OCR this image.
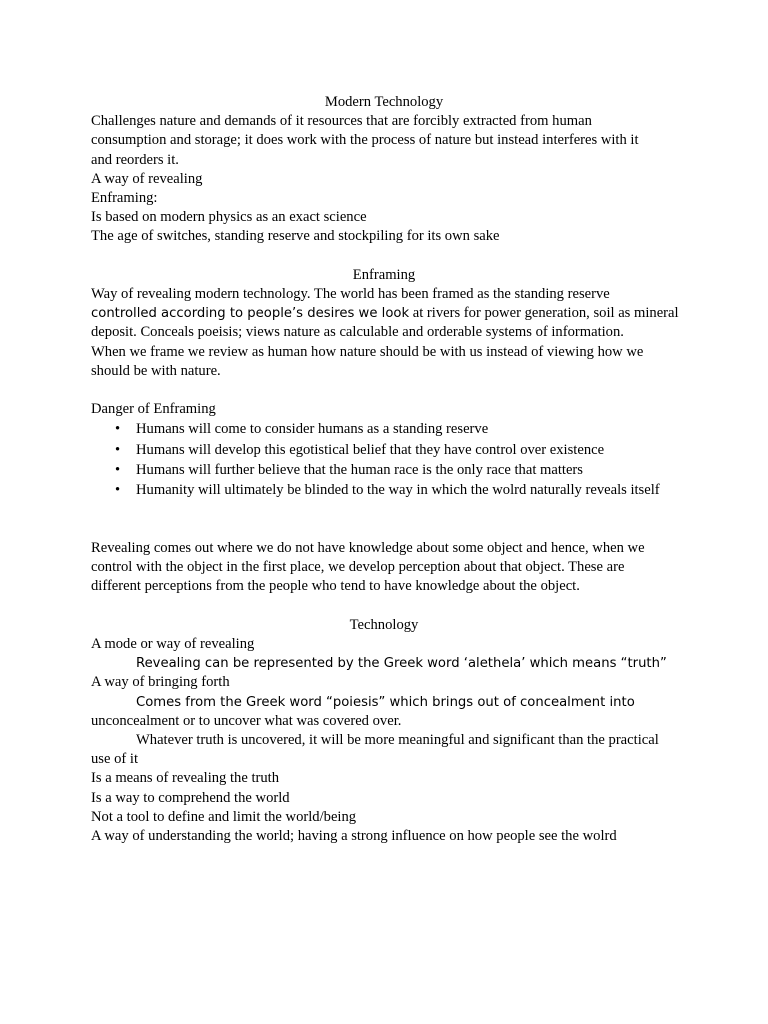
Modern Technology

Challenges nature and demands of it resources that are forcibly extracted from human

consumption and storage; it does work with the process of nature but instead interferes with it

and reorders it.

A way of revealing

Enframing:

Is based on modern physics as an exact science

The age of switches, standing reserve and stockpiling for its own sake

Enframing

Way of revealing modern technology. The world has been framed as the standing reserve

controlled according to people’s desires we look at rivers for power generation, soil as mineral

deposit. Conceals poeisis; views nature as calculable and orderable systems of information.

When we frame we review as human how nature should be with us instead of viewing how we

should be with nature.

Danger of Enframing

• Humans will come to consider humans as a standing reserve
• Humans will develop this egotistical belief that they have control over existence
• Humans will further believe that the human race is the only race that matters
• Humanity will ultimately be blinded to the way in which the wolrd naturally reveals itself

Revealing comes out where we do not have knowledge about some object and hence, when we

control with the object in the first place, we develop perception about that object. These are

different perceptions from the people who tend to have knowledge about the object.

Technology

A mode or way of revealing

Revealing can be represented by the Greek word ‘alethela’ which means “truth”

A way of bringing forth

Comes from the Greek word “poiesis” which brings out of concealment into

unconcealment or to uncover what was covered over.

Whatever truth is uncovered, it will be more meaningful and significant than the practical

use of it

Is a means of revealing the truth

Is a way to comprehend the world

Not a tool to define and limit the world/being

A way of understanding the world; having a strong influence on how people see the wolrd
